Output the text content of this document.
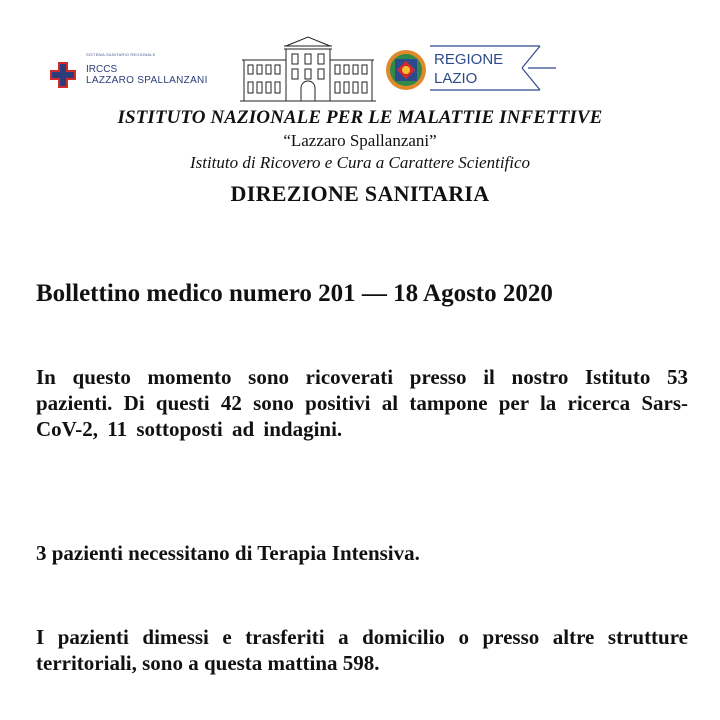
SISTEMA SANITARIO REGIONALE
IRCCS
LAZZARO SPALLANZANI
REGIONE
LAZIO
ISTITUTO NAZIONALE PER LE MALATTIE INFETTIVE
“Lazzaro Spallanzani”
Istituto di Ricovero e Cura a Carattere Scientifico
DIREZIONE SANITARIA
Bollettino medico numero 201 — 18 Agosto 2020
In questo momento sono ricoverati presso il nostro Istituto 53 pazienti. Di questi 42 sono positivi al tampone per la ricerca Sars-CoV-2, 11 sottoposti ad indagini.
3 pazienti necessitano di Terapia Intensiva.
I pazienti dimessi e trasferiti a domicilio o presso altre strutture territoriali, sono a questa mattina 598.
